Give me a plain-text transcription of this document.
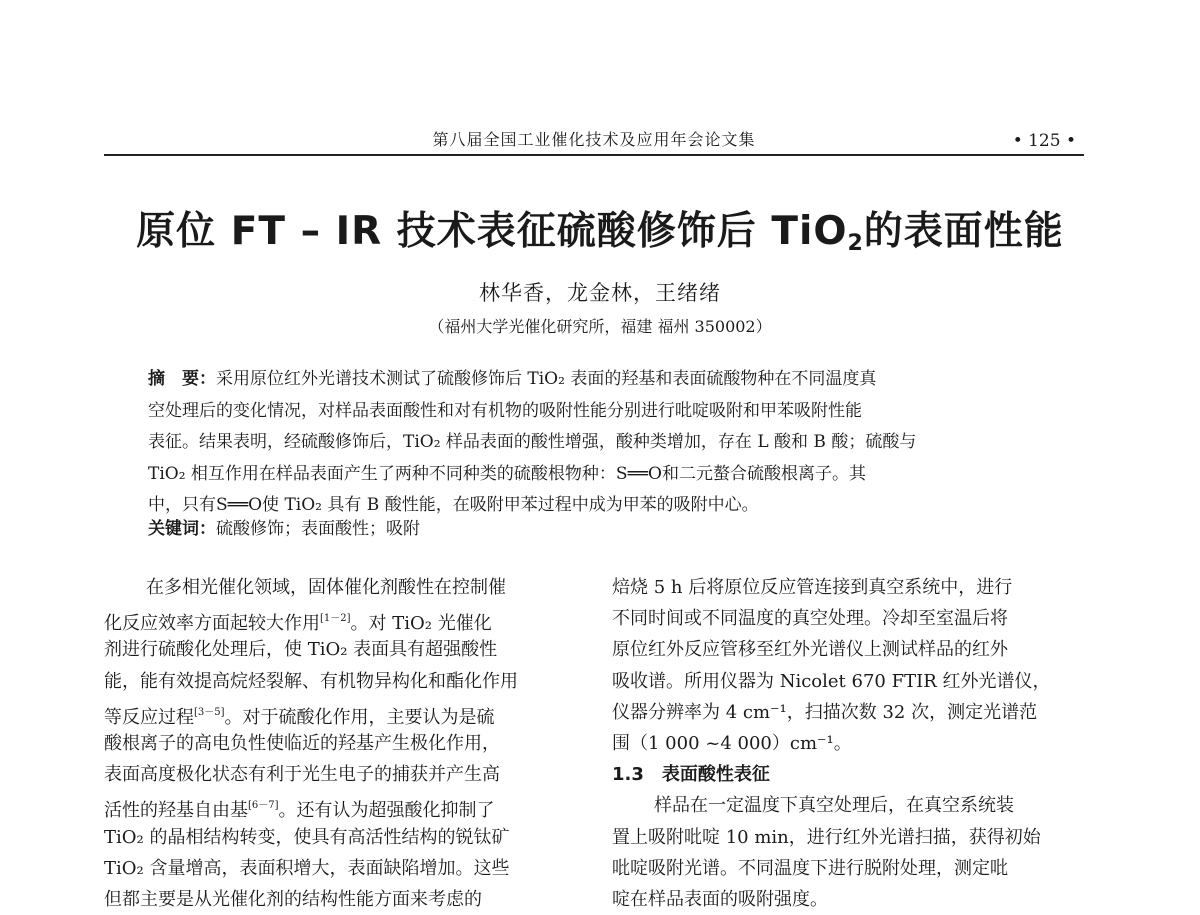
第八届全国工业催化技术及应用年会论文集	• 125 •
原位 FT – IR 技术表征硫酸修饰后 TiO$_2$的表面性能
林华香，龙金林，王绪绪
（福州大学光催化研究所，福建 福州 350002）
摘　要：采用原位红外光谱技术测试了硫酸修饰后 TiO₂ 表面的羟基和表面硫酸物种在不同温度真
空处理后的变化情况，对样品表面酸性和对有机物的吸附性能分别进行吡啶吸附和甲苯吸附性能
表征。结果表明，经硫酸修饰后，TiO₂ 样品表面的酸性增强，酸种类增加，存在 L 酸和 B 酸；硫酸与
TiO₂ 相互作用在样品表面产生了两种不同种类的硫酸根物种：S══O和二元螯合硫酸根离子。其
中，只有S══O使 TiO₂ 具有 B 酸性能，在吸附甲苯过程中成为甲苯的吸附中心。
关键词：硫酸修饰；表面酸性；吸附
在多相光催化领域，固体催化剂酸性在控制催
化反应效率方面起较大作用[1－2]。对 TiO₂ 光催化
剂进行硫酸化处理后，使 TiO₂ 表面具有超强酸性
能，能有效提高烷烃裂解、有机物异构化和酯化作用
等反应过程[3－5]。对于硫酸化作用，主要认为是硫
酸根离子的高电负性使临近的羟基产生极化作用，
表面高度极化状态有利于光生电子的捕获并产生高
活性的羟基自由基[6－7]。还有认为超强酸化抑制了
TiO₂ 的晶相结构转变，使具有高活性结构的锐钛矿
TiO₂ 含量增高，表面积增大，表面缺陷增加。这些
但都主要是从光催化剂的结构性能方面来考虑的
焙烧 5 h 后将原位反应管连接到真空系统中，进行
不同时间或不同温度的真空处理。冷却至室温后将
原位红外反应管移至红外光谱仪上测试样品的红外
吸收谱。所用仪器为 Nicolet 670 FTIR 红外光谱仪，
仪器分辨率为 4 cm⁻¹，扫描次数 32 次，测定光谱范
围（1 000 ~4 000）cm⁻¹。
1.3　表面酸性表征
样品在一定温度下真空处理后，在真空系统装
置上吸附吡啶 10 min，进行红外光谱扫描，获得初始
吡啶吸附光谱。不同温度下进行脱附处理，测定吡
啶在样品表面的吸附强度。
